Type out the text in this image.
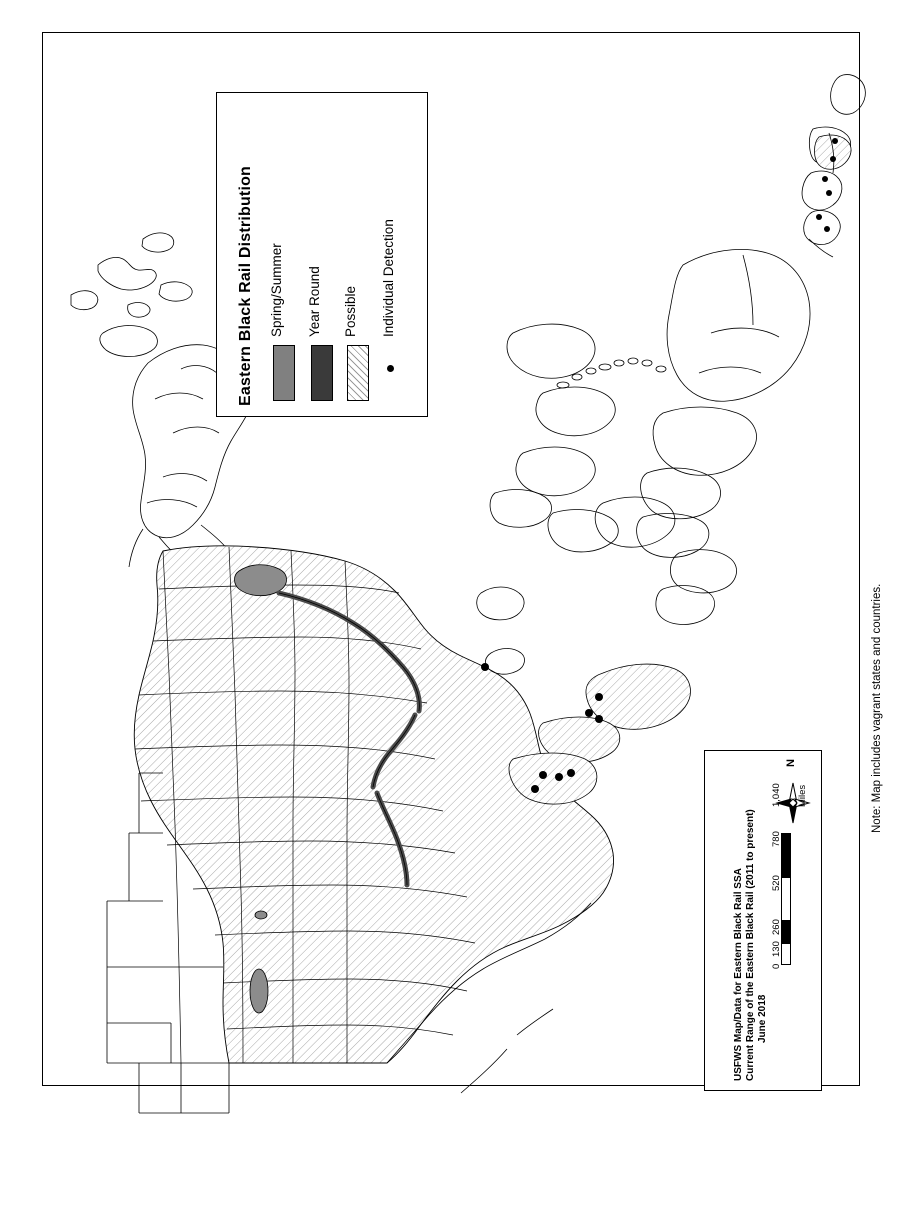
Eastern Black Rail Distribution Spring/Summer Year Round Possible Individual Detection
N
USFWS Map/Data for Eastern Black Rail SSA Current Range of the Eastern Black Rail (2011 to present) June 2018
0
130
260
520
780
1,040 Miles	Note: Map includes vagrant states and countries.
